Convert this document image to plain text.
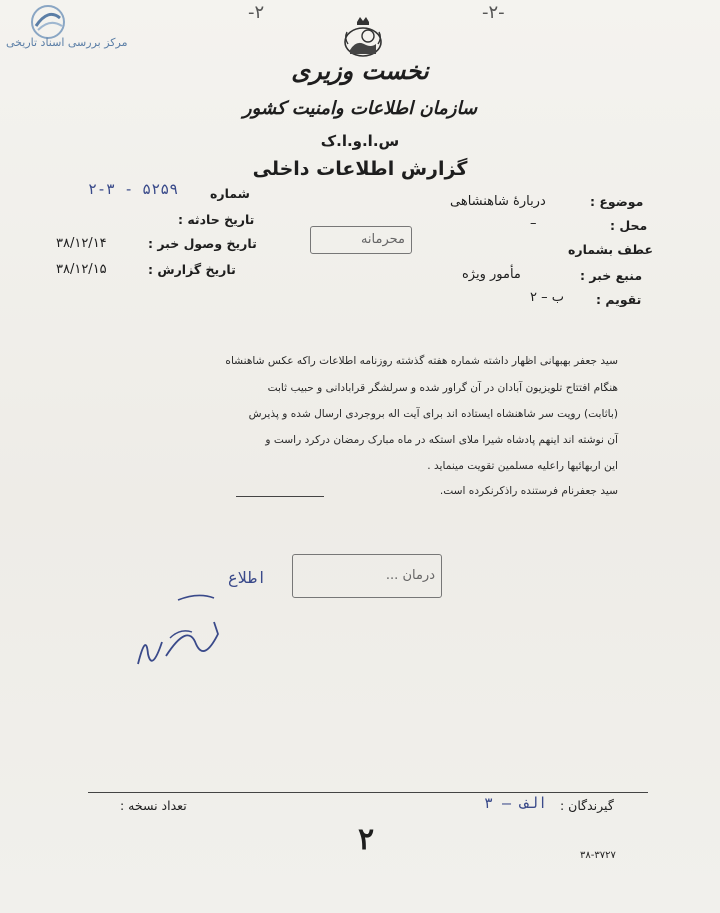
مرکز بررسی اسناد تاریخی
-٢	-٢-
نخست وزیری
سازمان اطلاعات وامنیت کشور
س.ا.و.ا.ک
گزارش اطلاعات داخلی
شماره
۲-۳ - ۵۲۵۹
تاریخ حادثه :
تاریخ وصول خبر :
۳۸/۱۲/۱۴
تاریخ گزارش :
۳۸/۱۲/۱۵
موضوع :
دربارهٔ شاهنشاهی
محل :
–
عطف بشماره
منبع خبر :
مأمور ویژه
تقویم :
ب – ۲
محرمانه
سید جعفر بهبهانی اظهار داشته شماره هفته گذشته روزنامه اطلاعات راکه عکس شاهنشاه
هنگام افتتاح تلویزیون آبادان در آن گراور شده و سرلشگر قرابادانی و حبیب ثابت
(باثابت) رویت سر شاهنشاه ایستاده اند برای آیت اله بروجردی ارسال شده و پذیرش
آن نوشته اند اینهم پادشاه شیرا ملای استکه در ماه مبارک رمضان درکرد راست و
این اربهائیها راعلیه مسلمین تقویت مینماید .
سید جعفرنام فرستنده راذکرنکرده است.
درمان ...
اطلاع
تعداد نسخه :	گیرندگان :
الف – ۳
۲	۳۸-۳۷۲۷
